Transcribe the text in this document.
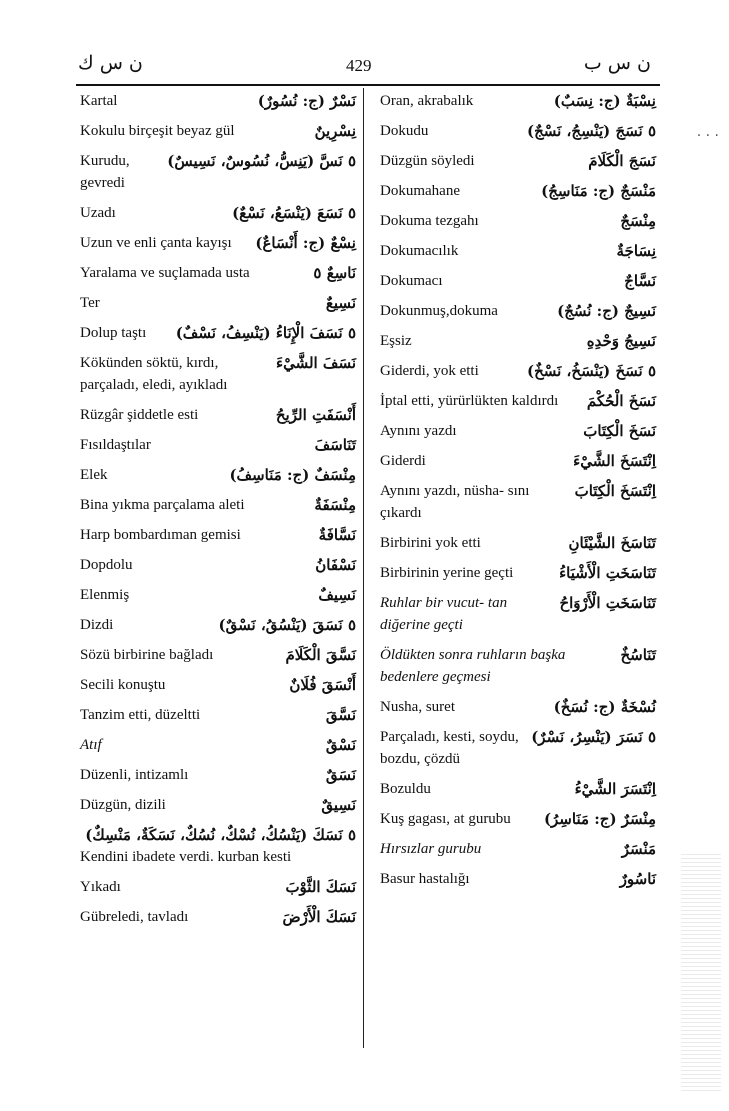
ن س ك	429	ن س ب
نَسْرٌ (ج: نُسُورٌ)
Kartal
نِسْرِينٌ
Kokulu birçeşit beyaz gül
٥ نَسَّ (يَنِسُّ، نُسُوسٌ، نَسِيسٌ)
Kurudu, gevredi
٥ نَسَعَ (يَنْسَعُ، نَسْعٌ)
Uzadı
نِسْعٌ (ج: أَنْسَاعٌ)
Uzun ve enli çanta kayışı
نَاسِعٌ ٥
Yaralama ve suçlamada usta
نَسِيعٌ
Ter
٥ نَسَفَ الْإِنَاءُ (يَنْسِفُ، نَسْفٌ)
Dolup taştı
نَسَفَ الشَّيْءَ
Kökünden söktü, kırdı, parçaladı, eledi, ayıkladı
أَنْسَفَتِ الرِّيحُ
Rüzgâr şiddetle esti
تَنَاسَفَ
Fısıldaştılar
مِنْسَفٌ (ج: مَنَاسِفُ)
Elek
مِنْسَفَةٌ
Bina yıkma parçalama aleti
نَسَّافَةٌ
Harp bombardıman gemisi
نَسْفَانُ
Dopdolu
نَسِيفٌ
Elenmiş
٥ نَسَقَ (يَنْسُقُ، نَسْقٌ)
Dizdi
نَسَّقَ الْكَلَامَ
Sözü birbirine bağladı
أَنْسَقَ فُلَانٌ
Secili konuştu
نَسَّقَ
Tanzim etti, düzeltti
نَسْقٌ
Atıf
نَسَقٌ
Düzenli, intizamlı
نَسِيقٌ
Düzgün, dizili
٥ نَسَكَ (يَنْسُكُ، نُسْكٌ، نُسُكٌ، نَسَكَةٌ، مَنْسِكٌ)
Kendini ibadete verdi. kurban kesti
نَسَكَ الثَّوْبَ
Yıkadı
نَسَكَ الْأَرْضَ
Gübreledi, tavladı
نِسْبَةٌ (ج: نِسَبٌ)
Oran, akrabalık
٥ نَسَجَ (يَنْسِجُ، نَسْجٌ)
Dokudu
نَسَجَ الْكَلَامَ
Düzgün söyledi
مَنْسَجٌ (ج: مَنَاسِجُ)
Dokumahane
مِنْسَجٌ
Dokuma tezgahı
نِسَاجَةٌ
Dokumacılık
نَسَّاجٌ
Dokumacı
نَسِيجٌ (ج: نُسُجٌ)
Dokunmuş,dokuma
نَسِيجُ وَحْدِهِ
Eşsiz
٥ نَسَخَ (يَنْسَخُ، نَسْخٌ)
Giderdi, yok etti
نَسَخَ الْحُكْمَ
İptal etti, yürürlükten kaldırdı
نَسَخَ الْكِتَابَ
Aynını yazdı
اِنْتَسَخَ الشَّيْءَ
Giderdi
اِنْتَسَخَ الْكِتَابَ
Aynını yazdı, nüsha- sını çıkardı
تَنَاسَخَ الشَّيْئَانِ
Birbirini yok etti
تَنَاسَخَتِ الْأَشْيَاءُ
Birbirinin yerine geçti
تَنَاسَخَتِ الْأَرْوَاحُ
Ruhlar bir vucut- tan diğerine geçti
تَنَاسُخٌ
Öldükten sonra ruhların başka bedenlere geçmesi
نُسْخَةٌ (ج: نُسَخٌ)
Nusha, suret
٥ نَسَرَ (يَنْسِرُ، نَسْرٌ)
Parçaladı, kesti, soydu, bozdu, çözdü
اِنْتَسَرَ الشَّيْءُ
Bozuldu
مِنْسَرٌ (ج: مَنَاسِرُ)
Kuş gagası, at gurubu
مَنْسَرٌ
Hırsızlar gurubu
نَاسُورٌ
Basur hastalığı
· · ·
